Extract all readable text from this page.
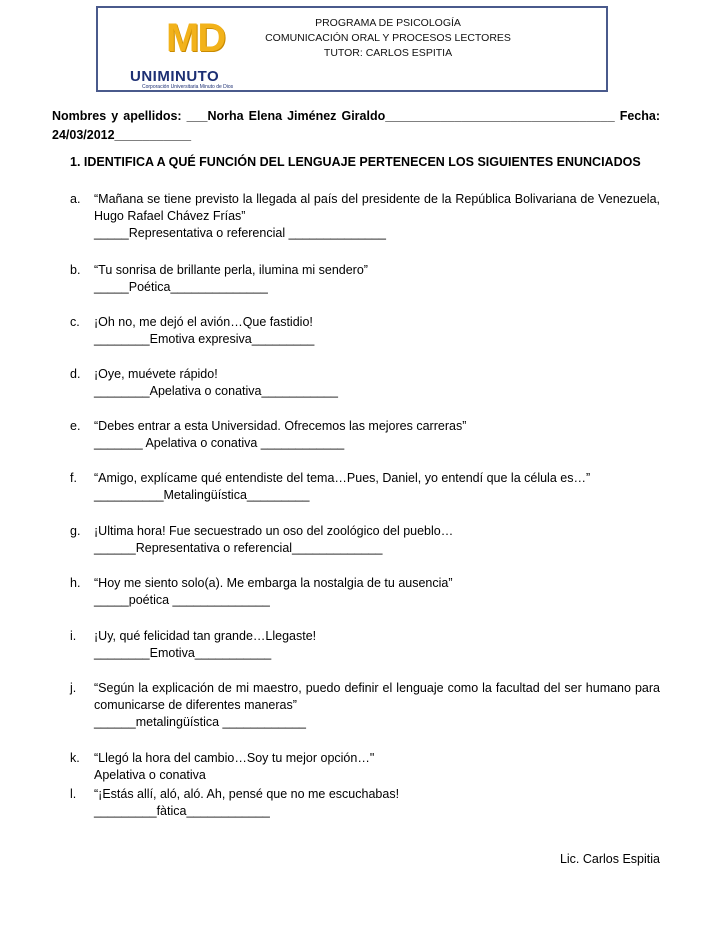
MD
UNIMINUTO
Corporación Universitaria Minuto de Dios
PROGRAMA DE PSICOLOGÍA
COMUNICACIÓN ORAL Y PROCESOS LECTORES
TUTOR: CARLOS ESPITIA
Nombres y apellidos: ___Norha Elena Jiménez Giraldo_________________________________ Fecha: 24/03/2012___________
1. IDENTIFICA A QUÉ FUNCIÓN DEL LENGUAJE PERTENECEN LOS SIGUIENTES ENUNCIADOS
a.	“Mañana se tiene previsto la llegada al país del presidente de la República Bolivariana de Venezuela, Hugo Rafael Chávez Frías”
_____Representativa o referencial ______________
b.	“Tu sonrisa de brillante perla, ilumina mi sendero”
_____Poética______________
c.	¡Oh no, me dejó el avión…Que fastidio!
________Emotiva expresiva_________
d.	¡Oye, muévete rápido!
________Apelativa o conativa___________
e.	“Debes entrar a esta Universidad. Ofrecemos las mejores carreras”
_______ Apelativa o conativa ____________
f.	“Amigo, explícame qué entendiste del tema…Pues, Daniel, yo entendí que la célula es…”
__________Metalingüística_________
g.	¡Ultima hora! Fue secuestrado un oso del zoológico del pueblo…
______Representativa o referencial_____________
h.	“Hoy me siento solo(a). Me embarga la nostalgia de tu ausencia”
_____poética ______________
i.	¡Uy, qué felicidad tan grande…Llegaste!
________Emotiva___________
j.	“Según la explicación de mi maestro, puedo definir el lenguaje como la facultad del ser humano para comunicarse de diferentes maneras”
______metalingüística ____________
k.	“Llegó la hora del cambio…Soy tu mejor opción…"
Apelativa o conativa
l.	“¡Estás allí, aló, aló. Ah, pensé que no me escuchabas!
_________fàtica____________
Lic. Carlos Espitia
